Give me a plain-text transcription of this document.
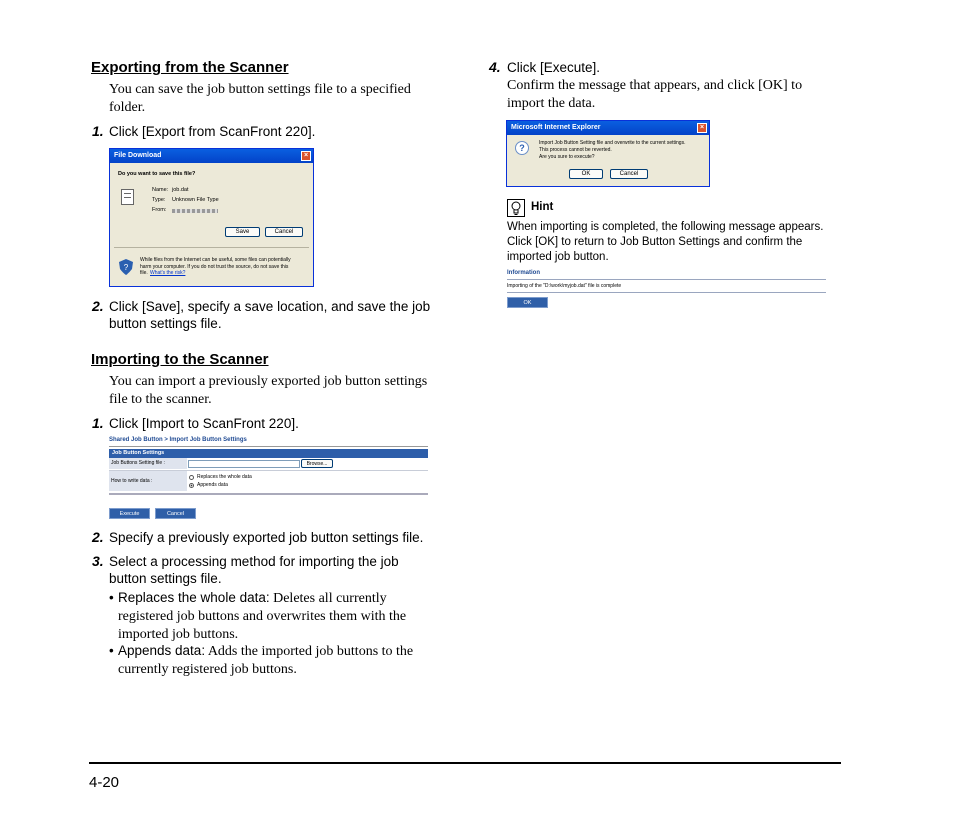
Exporting from the Scanner
You can save the job button settings file to a specified folder.
1. Click [Export from ScanFront 220].
File Download	×
Do you want to save this file?
Name: job.dat
Type: Unknown File Type
From:
Save	Cancel
?
While files from the Internet can be useful, some files can potentially
harm your computer. If you do not trust the source, do not save this
file. What's the risk?
2. Click [Save], specify a save location, and save the job button settings file.
Importing to the Scanner
You can import a previously exported job button settings file to the scanner.
1. Click [Import to ScanFront 220].
Shared Job Button > Import Job Button Settings
Job Button Settings
Job Buttons Setting file :	Browse...
How to write data :
Replaces the whole data
Appends data
Execute	Cancel
2. Specify a previously exported job button settings file.
3. Select a processing method for importing the job button settings file.
• Replaces the whole data: Deletes all currently registered job buttons and overwrites them with the imported job buttons.
• Appends data: Adds the imported job buttons to the currently registered job buttons.
4. Click [Execute].
Confirm the message that appears, and click [OK] to import the data.
Microsoft Internet Explorer	×
?	Import Job Button Setting file and overwrite to the current settings.
This process cannot be reverted.
Are you sure to execute?
OK	Cancel
Hint
When importing is completed, the following message appears. Click [OK] to return to Job Button Settings and confirm the imported job button.
Information
Importing of the "D:\work\myjob.dat" file is complete
OK
4-20
